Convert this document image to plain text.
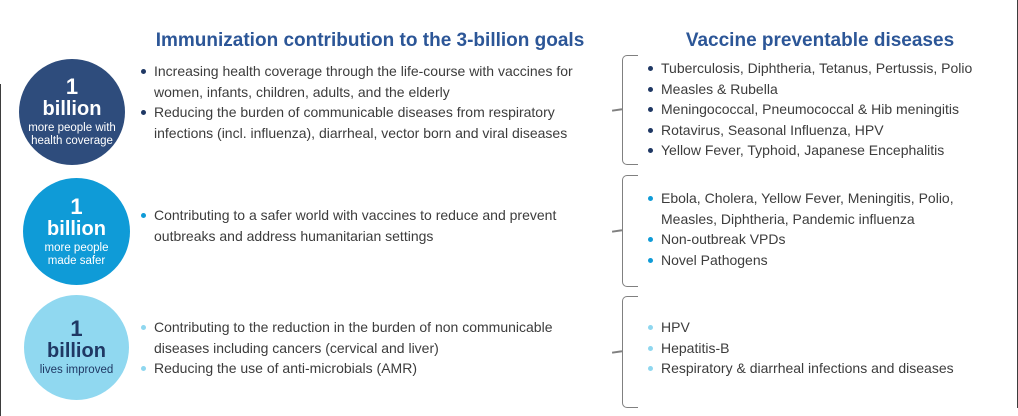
Immunization contribution to the 3-billion goals	Vaccine preventable diseases
1
billion
more people with health coverage
Increasing health coverage through the life-course with vaccines for women, infants, children, adults, and the elderly
Reducing the burden of communicable diseases from respiratory infections (incl. influenza), diarrheal, vector born and viral diseases
Tuberculosis, Diphtheria, Tetanus, Pertussis, Polio
Measles & Rubella
Meningococcal, Pneumococcal & Hib meningitis
Rotavirus, Seasonal Influenza, HPV
Yellow Fever, Typhoid, Japanese Encephalitis
1
billion
more people made safer
Contributing to a safer world with vaccines to reduce and prevent outbreaks and address humanitarian settings
Ebola, Cholera, Yellow Fever, Meningitis, Polio, Measles, Diphtheria, Pandemic influenza
Non-outbreak VPDs
Novel Pathogens
1
billion
lives improved
Contributing to the reduction in the burden of non communicable diseases including cancers (cervical and liver)
Reducing the use of anti-microbials (AMR)
HPV
Hepatitis-B
Respiratory & diarrheal infections and diseases
